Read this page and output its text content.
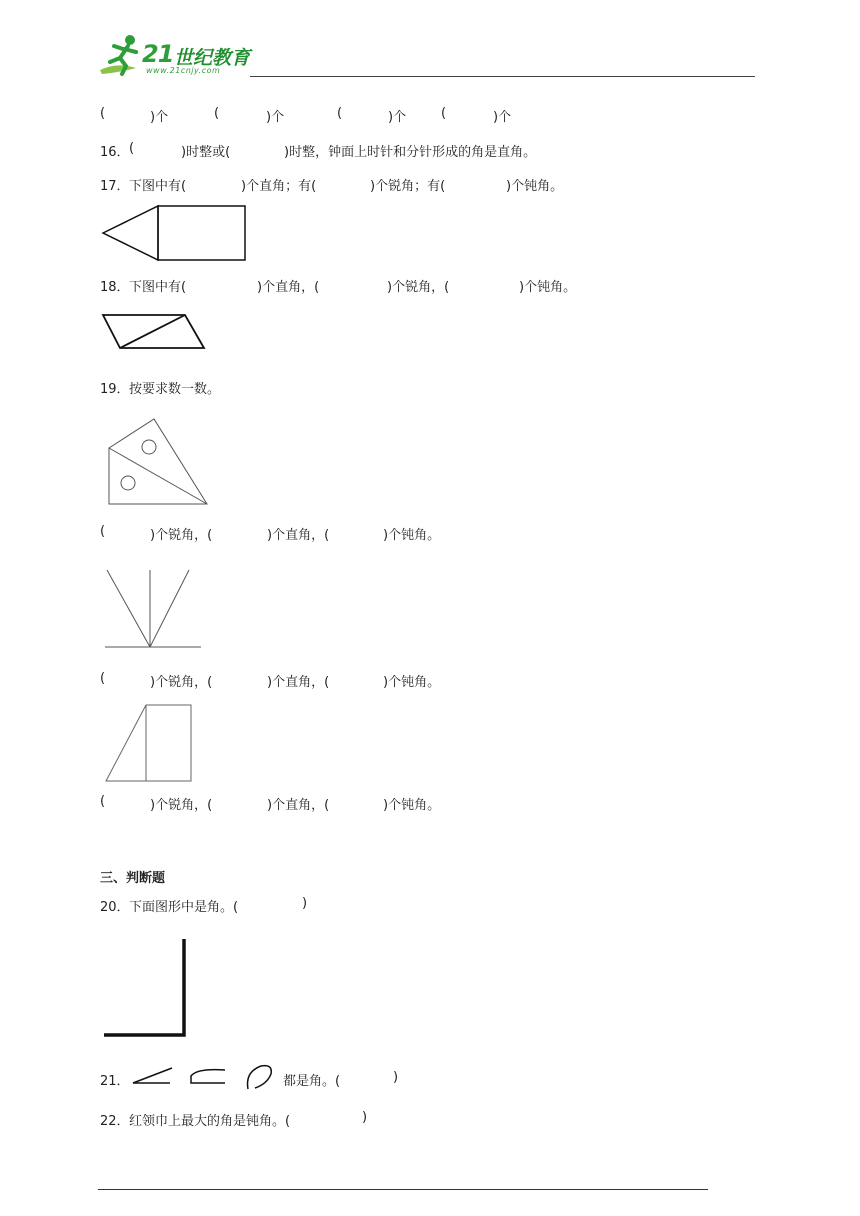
21 世纪教育
www.21cnjy.com
(	)个	(	)个	(	)个	(	)个
16． (	)时整或(	)时整，钟面上时针和分针形成的角是直角。
17． 下图中有(	)个直角；有(	)个锐角；有(	)个钝角。
18． 下图中有(	)个直角，(	)个锐角，(	)个钝角。
19． 按要求数一数。
(	)个锐角，(	)个直角，(	)个钝角。
(	)个锐角，(	)个直角，(	)个钝角。
(	)个锐角，(	)个直角，(	)个钝角。
三、判断题
20． 下面图形中是角。(	)
21．	都是角。(	)
22． 红领巾上最大的角是钝角。(	)
